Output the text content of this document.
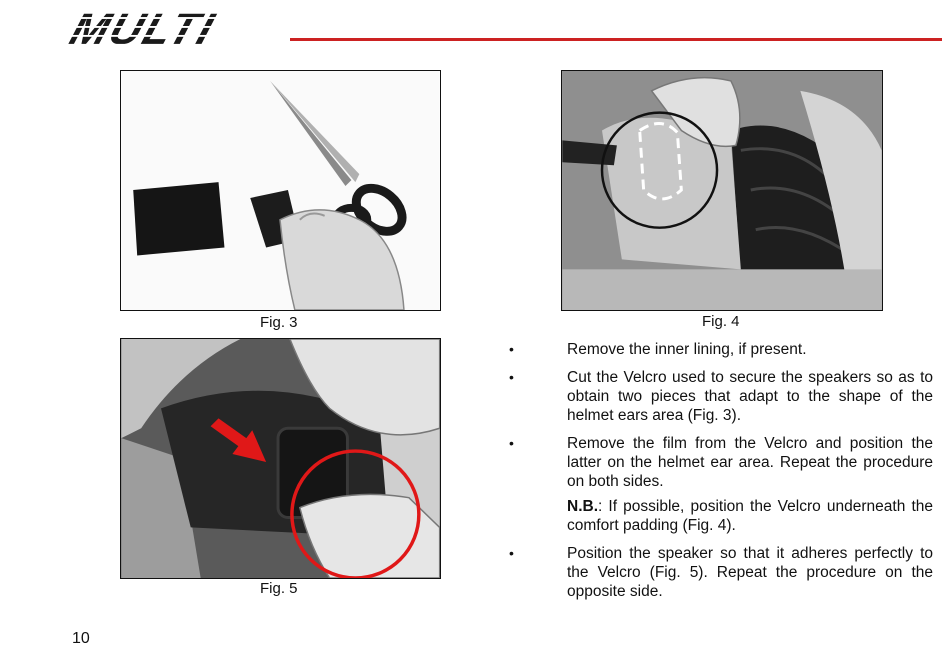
MULTI
Fig. 3	Fig. 4
Fig. 5
•	Remove the inner lining, if present.
•	Cut the Velcro used to secure the speakers so as to obtain two pieces that adapt to the shape of the helmet ears area (Fig. 3).
•	Remove the film from the Velcro and position the latter on the helmet ear area. Repeat the procedure on both sides.
N.B.: If possible, position the Velcro underneath the comfort padding (Fig. 4).
•	Position the speaker so that it adheres perfectly to the Velcro (Fig. 5). Repeat the procedure on the opposite side.
10
